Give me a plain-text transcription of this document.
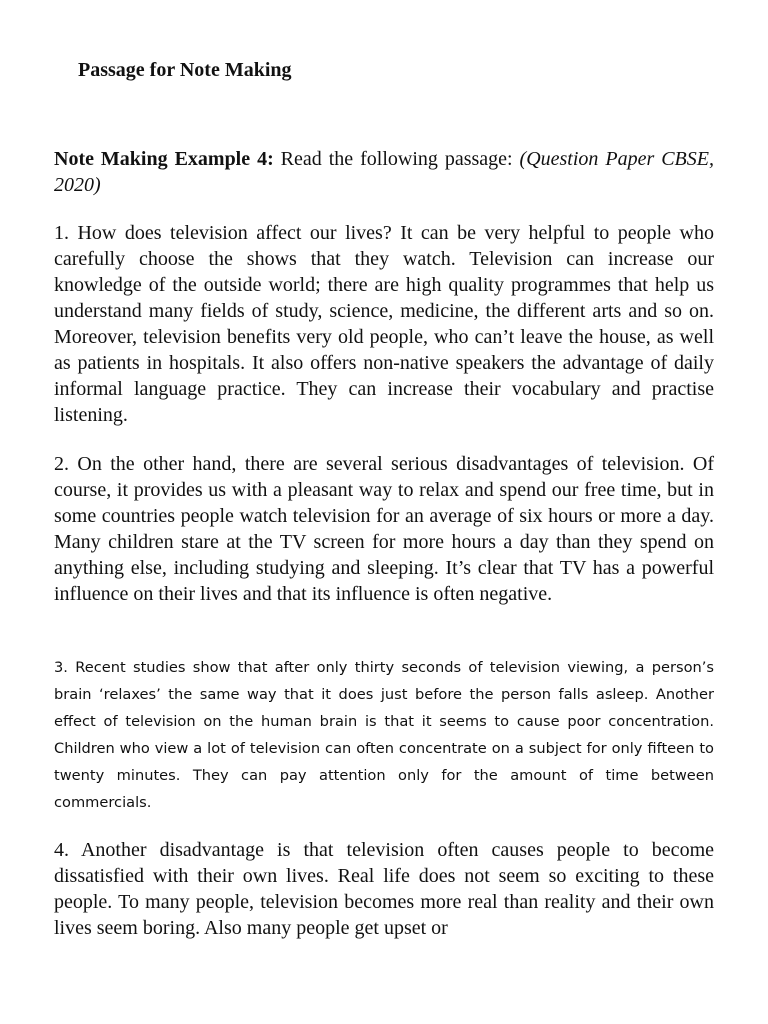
Passage for Note Making

Note Making Example 4: Read the following passage: (Question Paper CBSE, 2020)

1. How does television affect our lives? It can be very helpful to people who carefully choose the shows that they watch. Television can increase our knowledge of the outside world; there are high quality programmes that help us understand many fields of study, science, medicine, the different arts and so on. Moreover, television benefits very old people, who can’t leave the house, as well as patients in hospitals. It also offers non-native speakers the advantage of daily informal language practice. They can increase their vocabulary and practise listening.

2. On the other hand, there are several serious disadvantages of television. Of course, it provides us with a pleasant way to relax and spend our free time, but in some countries people watch television for an average of six hours or more a day. Many children stare at the TV screen for more hours a day than they spend on anything else, including studying and sleeping. It’s clear that TV has a powerful influence on their lives and that its influence is often negative.

3. Recent studies show that after only thirty seconds of television viewing, a person’s brain ‘relaxes’ the same way that it does just before the person falls asleep. Another effect of television on the human brain is that it seems to cause poor concentration. Children who view a lot of television can often concentrate on a subject for only fifteen to twenty minutes. They can pay attention only for the amount of time between commercials.

4. Another disadvantage is that television often causes people to become dissatisfied with their own lives. Real life does not seem so exciting to these people. To many people, television becomes more real than reality and their own lives seem boring. Also many people get upset or
